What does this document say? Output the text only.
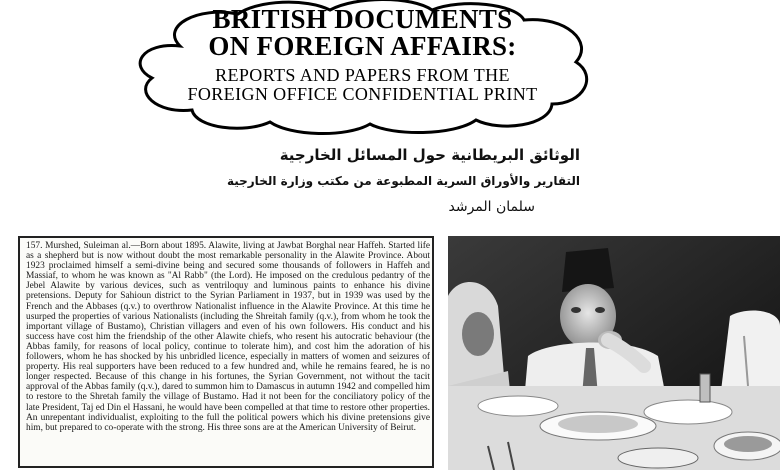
BRITISH DOCUMENTS

ON FOREIGN AFFAIRS:

REPORTS AND PAPERS FROM THE

FOREIGN OFFICE CONFIDENTIAL PRINT

الوثائق البريطانية حول المسائل الخارجية
التقارير والأوراق السرية المطبوعة من مكتب وزارة الخارجية
سلمان المرشد

157. Murshed, Suleiman al.—Born about 1895. Alawite, living at Jawbat Borghal near Haffeh. Started life as a shepherd but is now without doubt the most remarkable personality in the Alawite Province. About 1923 proclaimed himself a semi-divine being and secured some thousands of followers in Haffeh and Massiaf, to whom he was known as "Al Rabb" (the Lord). He imposed on the credulous pedantry of the Jebel Alawite by various devices, such as ventriloquy and luminous paints to enhance his divine pretensions. Deputy for Sahioun district to the Syrian Parliament in 1937, but in 1939 was used by the French and the Abbases (q.v.) to overthrow Nationalist influence in the Alawite Province. At this time he usurped the properties of various Nationalists (including the Shreitah family (q.v.), from whom he took the important village of Bustamo), Christian villagers and even of his own followers. His conduct and his success have cost him the friendship of the other Alawite chiefs, who resent his autocratic behaviour (the Abbas family, for reasons of local policy, continue to tolerate him), and cost him the adoration of his followers, whom he has shocked by his unbridled licence, especially in matters of women and seizures of property. His real supporters have been reduced to a few hundred and, while he remains feared, he is no longer respected. Because of this change in his fortunes, the Syrian Government, not without the tacit approval of the Abbas family (q.v.), dared to summon him to Damascus in autumn 1942 and compelled him to restore to the Shretah family the village of Bustamo. Had it not been for the conciliatory policy of the late President, Taj ed Din el Hassani, he would have been compelled at that time to restore other properties. An unrepentant individualist, exploiting to the full the political powers which his divine pretensions give him, but prepared to co-operate with the strong. His three sons are at the American University of Beirut.
